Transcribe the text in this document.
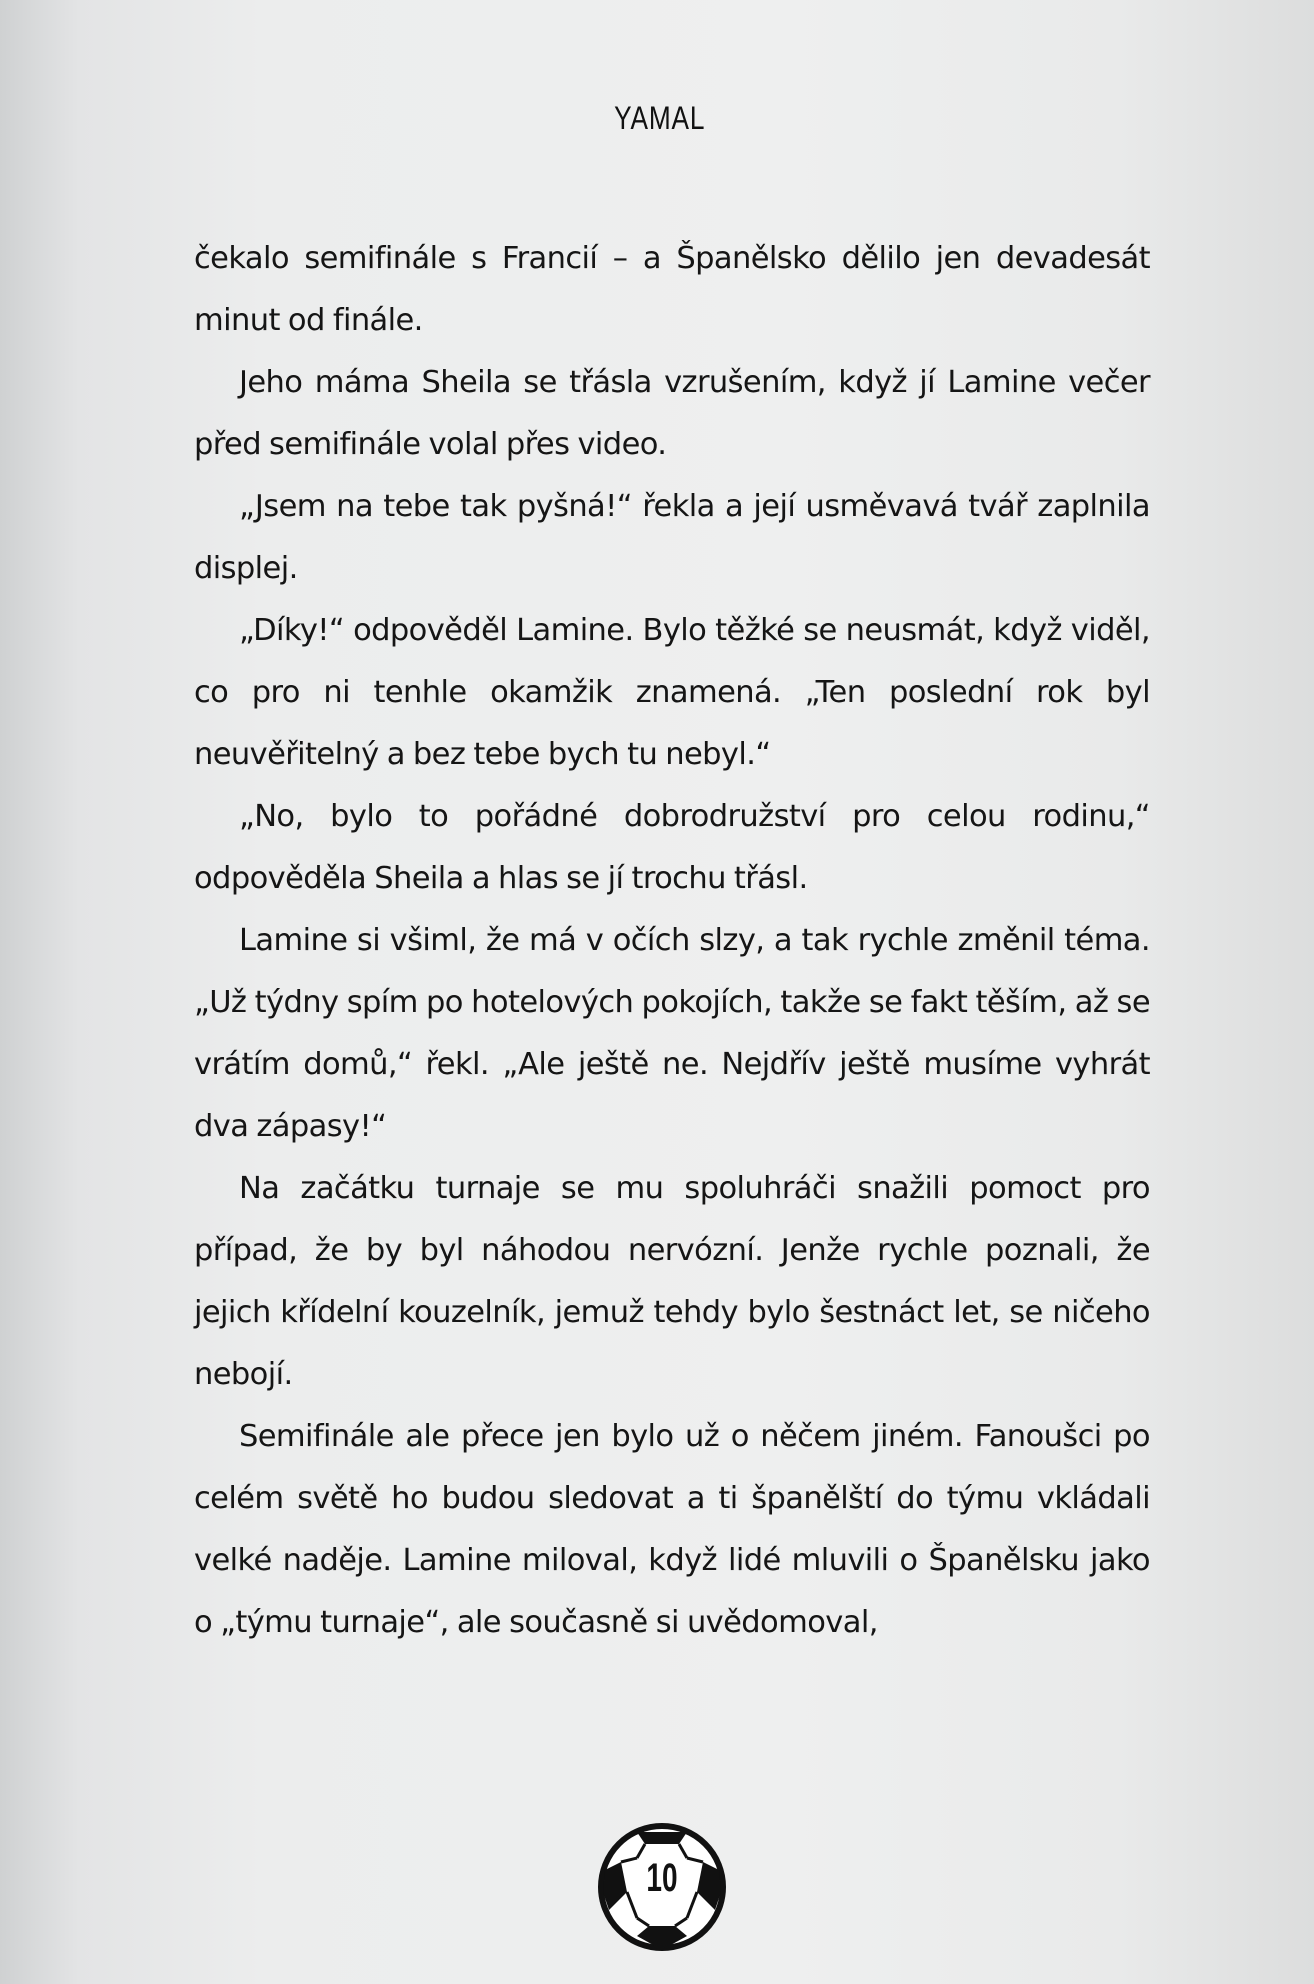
YAMAL

čekalo semifinále s Francií – a Španělsko dělilo jen devadesát minut od finále.

Jeho máma Sheila se třásla vzrušením, když jí Lamine večer před semifinále volal přes video.

„Jsem na tebe tak pyšná!“ řekla a její usměvavá tvář zaplnila displej.

„Díky!“ odpověděl Lamine. Bylo těžké se neusmát, když viděl, co pro ni tenhle okamžik znamená. „Ten poslední rok byl neuvěřitelný a bez tebe bych tu nebyl.“

„No, bylo to pořádné dobrodružství pro celou rodinu,“ odpověděla Sheila a hlas se jí trochu třásl.

Lamine si všiml, že má v očích slzy, a tak rychle změnil téma. „Už týdny spím po hotelových pokojích, takže se fakt těším, až se vrátím domů,“ řekl. „Ale ještě ne. Nejdřív ještě musíme vyhrát dva zápasy!“

Na začátku turnaje se mu spoluhráči snažili pomoct pro případ, že by byl náhodou nervózní. Jenže rychle poznali, že jejich křídelní kouzelník, jemuž tehdy bylo šestnáct let, se ničeho nebojí.

Semifinále ale přece jen bylo už o něčem jiném. Fanoušci po celém světě ho budou sledovat a ti španělští do týmu vkládali velké naděje. Lamine miloval, když lidé mluvili o Španělsku jako o „týmu turnaje“, ale současně si uvědomoval,

10
